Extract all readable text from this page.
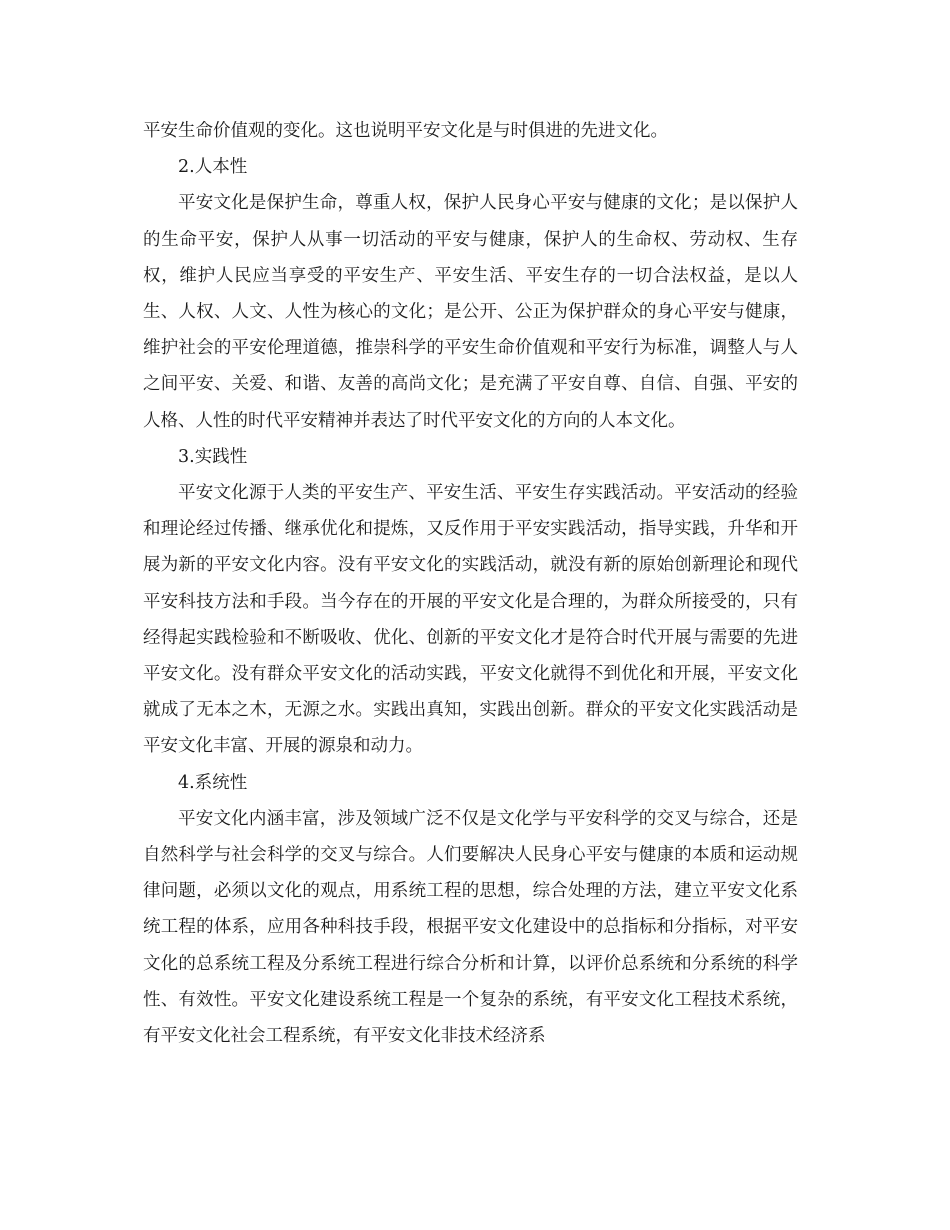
平安生命价值观的变化。这也说明平安文化是与时俱进的先进文化。

2.人本性

平安文化是保护生命，尊重人权，保护人民身心平安与健康的文化；是以保护人的生命平安，保护人从事一切活动的平安与健康，保护人的生命权、劳动权、生存权，维护人民应当享受的平安生产、平安生活、平安生存的一切合法权益，是以人生、人权、人文、人性为核心的文化；是公开、公正为保护群众的身心平安与健康，维护社会的平安伦理道德，推崇科学的平安生命价值观和平安行为标准，调整人与人之间平安、关爱、和谐、友善的高尚文化；是充满了平安自尊、自信、自强、平安的人格、人性的时代平安精神并表达了时代平安文化的方向的人本文化。

3.实践性

平安文化源于人类的平安生产、平安生活、平安生存实践活动。平安活动的经验和理论经过传播、继承优化和提炼，又反作用于平安实践活动，指导实践，升华和开展为新的平安文化内容。没有平安文化的实践活动，就没有新的原始创新理论和现代平安科技方法和手段。当今存在的开展的平安文化是合理的，为群众所接受的，只有经得起实践检验和不断吸收、优化、创新的平安文化才是符合时代开展与需要的先进平安文化。没有群众平安文化的活动实践，平安文化就得不到优化和开展，平安文化就成了无本之木，无源之水。实践出真知，实践出创新。群众的平安文化实践活动是平安文化丰富、开展的源泉和动力。

4.系统性

平安文化内涵丰富，涉及领域广泛不仅是文化学与平安科学的交叉与综合，还是自然科学与社会科学的交叉与综合。人们要解决人民身心平安与健康的本质和运动规律问题，必须以文化的观点，用系统工程的思想，综合处理的方法，建立平安文化系统工程的体系，应用各种科技手段，根据平安文化建设中的总指标和分指标，对平安文化的总系统工程及分系统工程进行综合分析和计算，以评价总系统和分系统的科学性、有效性。平安文化建设系统工程是一个复杂的系统，有平安文化工程技术系统，有平安文化社会工程系统，有平安文化非技术经济系
